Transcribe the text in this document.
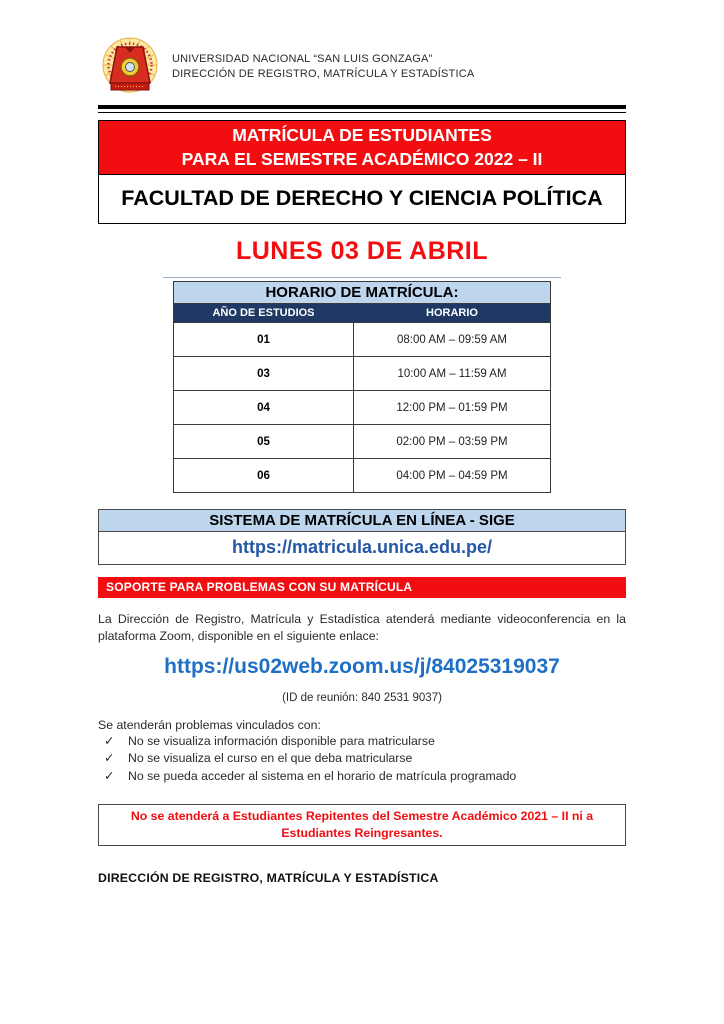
UNIVERSIDAD NACIONAL “SAN LUIS GONZAGA”
DIRECCIÓN DE REGISTRO, MATRÍCULA Y ESTADÍSTICA
MATRÍCULA DE ESTUDIANTES
PARA EL SEMESTRE ACADÉMICO 2022 – II
FACULTAD DE DERECHO Y CIENCIA POLÍTICA
LUNES 03 DE ABRIL
HORARIO DE MATRÍCULA:	
AÑO DE ESTUDIOS	HORARIO
01	08:00 AM – 09:59 AM
03	10:00 AM – 11:59 AM
04	12:00 PM – 01:59 PM
05	02:00 PM – 03:59 PM
06	04:00 PM – 04:59 PM
SISTEMA DE MATRÍCULA EN LÍNEA - SIGE
https://matricula.unica.edu.pe/
SOPORTE PARA PROBLEMAS CON SU MATRÍCULA

La Dirección de Registro, Matrícula y Estadística atenderá mediante videoconferencia en la plataforma Zoom, disponible en el siguiente enlace:

https://us02web.zoom.us/j/84025319037
(ID de reunión: 840 2531 9037)
Se atenderán problemas vinculados con:
✓	No se visualiza información disponible para matricularse
✓	No se visualiza el curso en el que deba matricularse
✓	No se pueda acceder al sistema en el horario de matrícula programado
No se atenderá a Estudiantes Repitentes del Semestre Académico 2021 – II ni a Estudiantes Reingresantes.
DIRECCIÓN DE REGISTRO, MATRÍCULA Y ESTADÍSTICA
